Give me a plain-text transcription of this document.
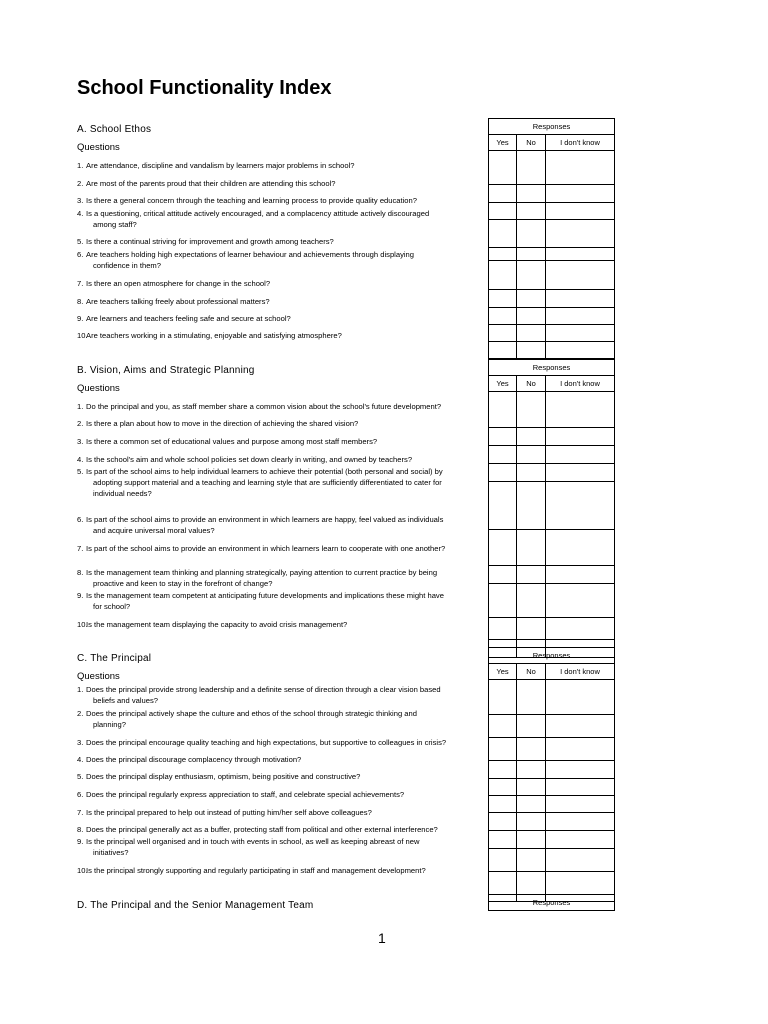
School Functionality Index
A. School Ethos
Questions
1. Are attendance, discipline and vandalism by learners major problems in school?
2. Are most of the parents proud that their children are attending this school?
3. Is there a general concern through the teaching and learning process to provide quality education?
4. Is a questioning, critical attitude actively encouraged, and a complacency attitude actively discouraged
among staff?
5. Is there a continual striving for improvement and growth among teachers?
6. Are teachers holding high expectations of learner behaviour and achievements through displaying
confidence in them?
7. Is there an open atmosphere for change in the school?
8. Are teachers talking freely about professional matters?
9. Are learners and teachers feeling safe and secure at school?
10.Are teachers working in a stimulating, enjoyable and satisfying atmosphere?
Responses		
Yes	No	I don't know

B. Vision, Aims and Strategic Planning
Questions
1. Do the principal and you, as staff member share a common vision about the school's future development?
2. Is there a plan about how to move in the direction of achieving the shared vision?
3. Is there a common set of educational values and purpose among most staff members?
4. Is the school's aim and whole school policies set down clearly in writing, and owned by teachers?
5. Is part of the school aims to help individual learners to achieve their potential (both personal and social) by
adopting support material and a teaching and learning style that are sufficiently differentiated to cater for
individual needs?
6. Is part of the school aims to provide an environment in which learners are happy, feel valued as individuals
and acquire universal moral values?
7. Is part of the school aims to provide an environment in which learners learn to cooperate with one another?
8. Is the management team thinking and planning strategically, paying attention to current practice by being
proactive and keen to stay in the forefront of change?
9. Is the management team competent at anticipating future developments and implications these might have
for school?
10.Is the management team displaying the capacity to avoid crisis management?
Responses		
Yes	No	I don't know

C. The Principal
Questions
1. Does the principal provide strong leadership and a definite sense of direction through a clear vision based
beliefs and values?
2. Does the principal actively shape the culture and ethos of the school through strategic thinking and
planning?
3. Does the principal encourage quality teaching and high expectations, but supportive to colleagues in crisis?
4. Does the principal discourage complacency through motivation?
5. Does the principal display enthusiasm, optimism, being positive and constructive?
6. Does the principal regularly express appreciation to staff, and celebrate special achievements?
7. Is the principal prepared to help out instead of putting him/her self above colleagues?
8. Does the principal generally act as a buffer, protecting staff from political and other external interference?
9. Is the principal well organised and in touch with events in school, as well as keeping abreast of new
initiatives?
10.Is the principal strongly supporting and regularly participating in staff and management development?
Responses		
Yes	No	I don't know

D. The Principal and the Senior Management Team	Responses
1
